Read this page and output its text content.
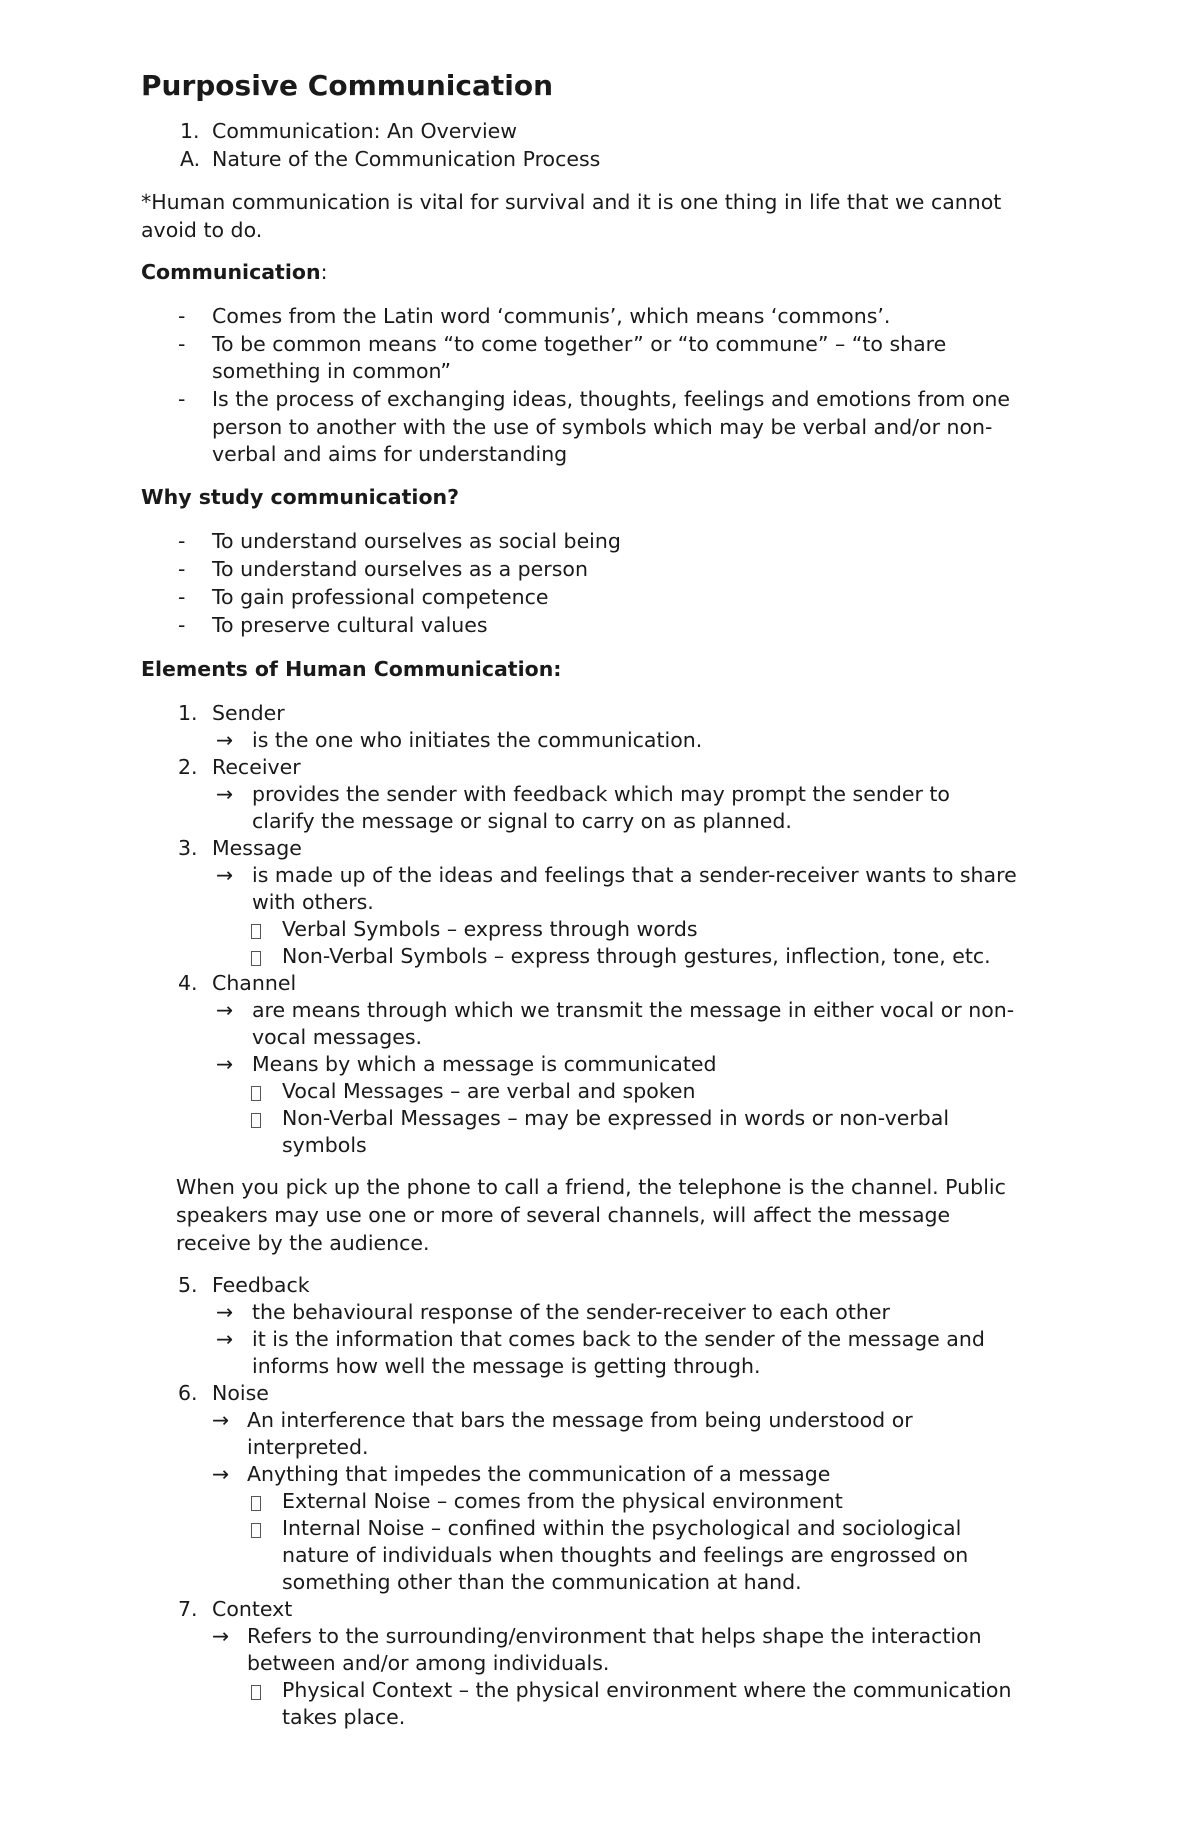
Purposive Communication
1. Communication: An Overview
A. Nature of the Communication Process
*Human communication is vital for survival and it is one thing in life that we cannot
avoid to do.
Communication:
- Comes from the Latin word ‘communis’, which means ‘commons’.
- To be common means “to come together” or “to commune” – “to share
something in common”
- Is the process of exchanging ideas, thoughts, feelings and emotions from one
person to another with the use of symbols which may be verbal and/or non-
verbal and aims for understanding
Why study communication?
- To understand ourselves as social being
- To understand ourselves as a person
- To gain professional competence
- To preserve cultural values
Elements of Human Communication:
1. Sender
→ is the one who initiates the communication.
2. Receiver
→ provides the sender with feedback which may prompt the sender to
clarify the message or signal to carry on as planned.
3. Message
→ is made up of the ideas and feelings that a sender-receiver wants to share
with others.
Verbal Symbols – express through words
Non-Verbal Symbols – express through gestures, inflection, tone, etc.
4. Channel
→ are means through which we transmit the message in either vocal or non-
vocal messages.
→ Means by which a message is communicated
Vocal Messages – are verbal and spoken
Non-Verbal Messages – may be expressed in words or non-verbal
symbols
When you pick up the phone to call a friend, the telephone is the channel. Public
speakers may use one or more of several channels, will affect the message
receive by the audience.
5. Feedback
→ the behavioural response of the sender-receiver to each other
→ it is the information that comes back to the sender of the message and
informs how well the message is getting through.
6. Noise
→ An interference that bars the message from being understood or
interpreted.
→ Anything that impedes the communication of a message
External Noise – comes from the physical environment
Internal Noise – confined within the psychological and sociological
nature of individuals when thoughts and feelings are engrossed on
something other than the communication at hand.
7. Context
→ Refers to the surrounding/environment that helps shape the interaction
between and/or among individuals.
Physical Context – the physical environment where the communication
takes place.
